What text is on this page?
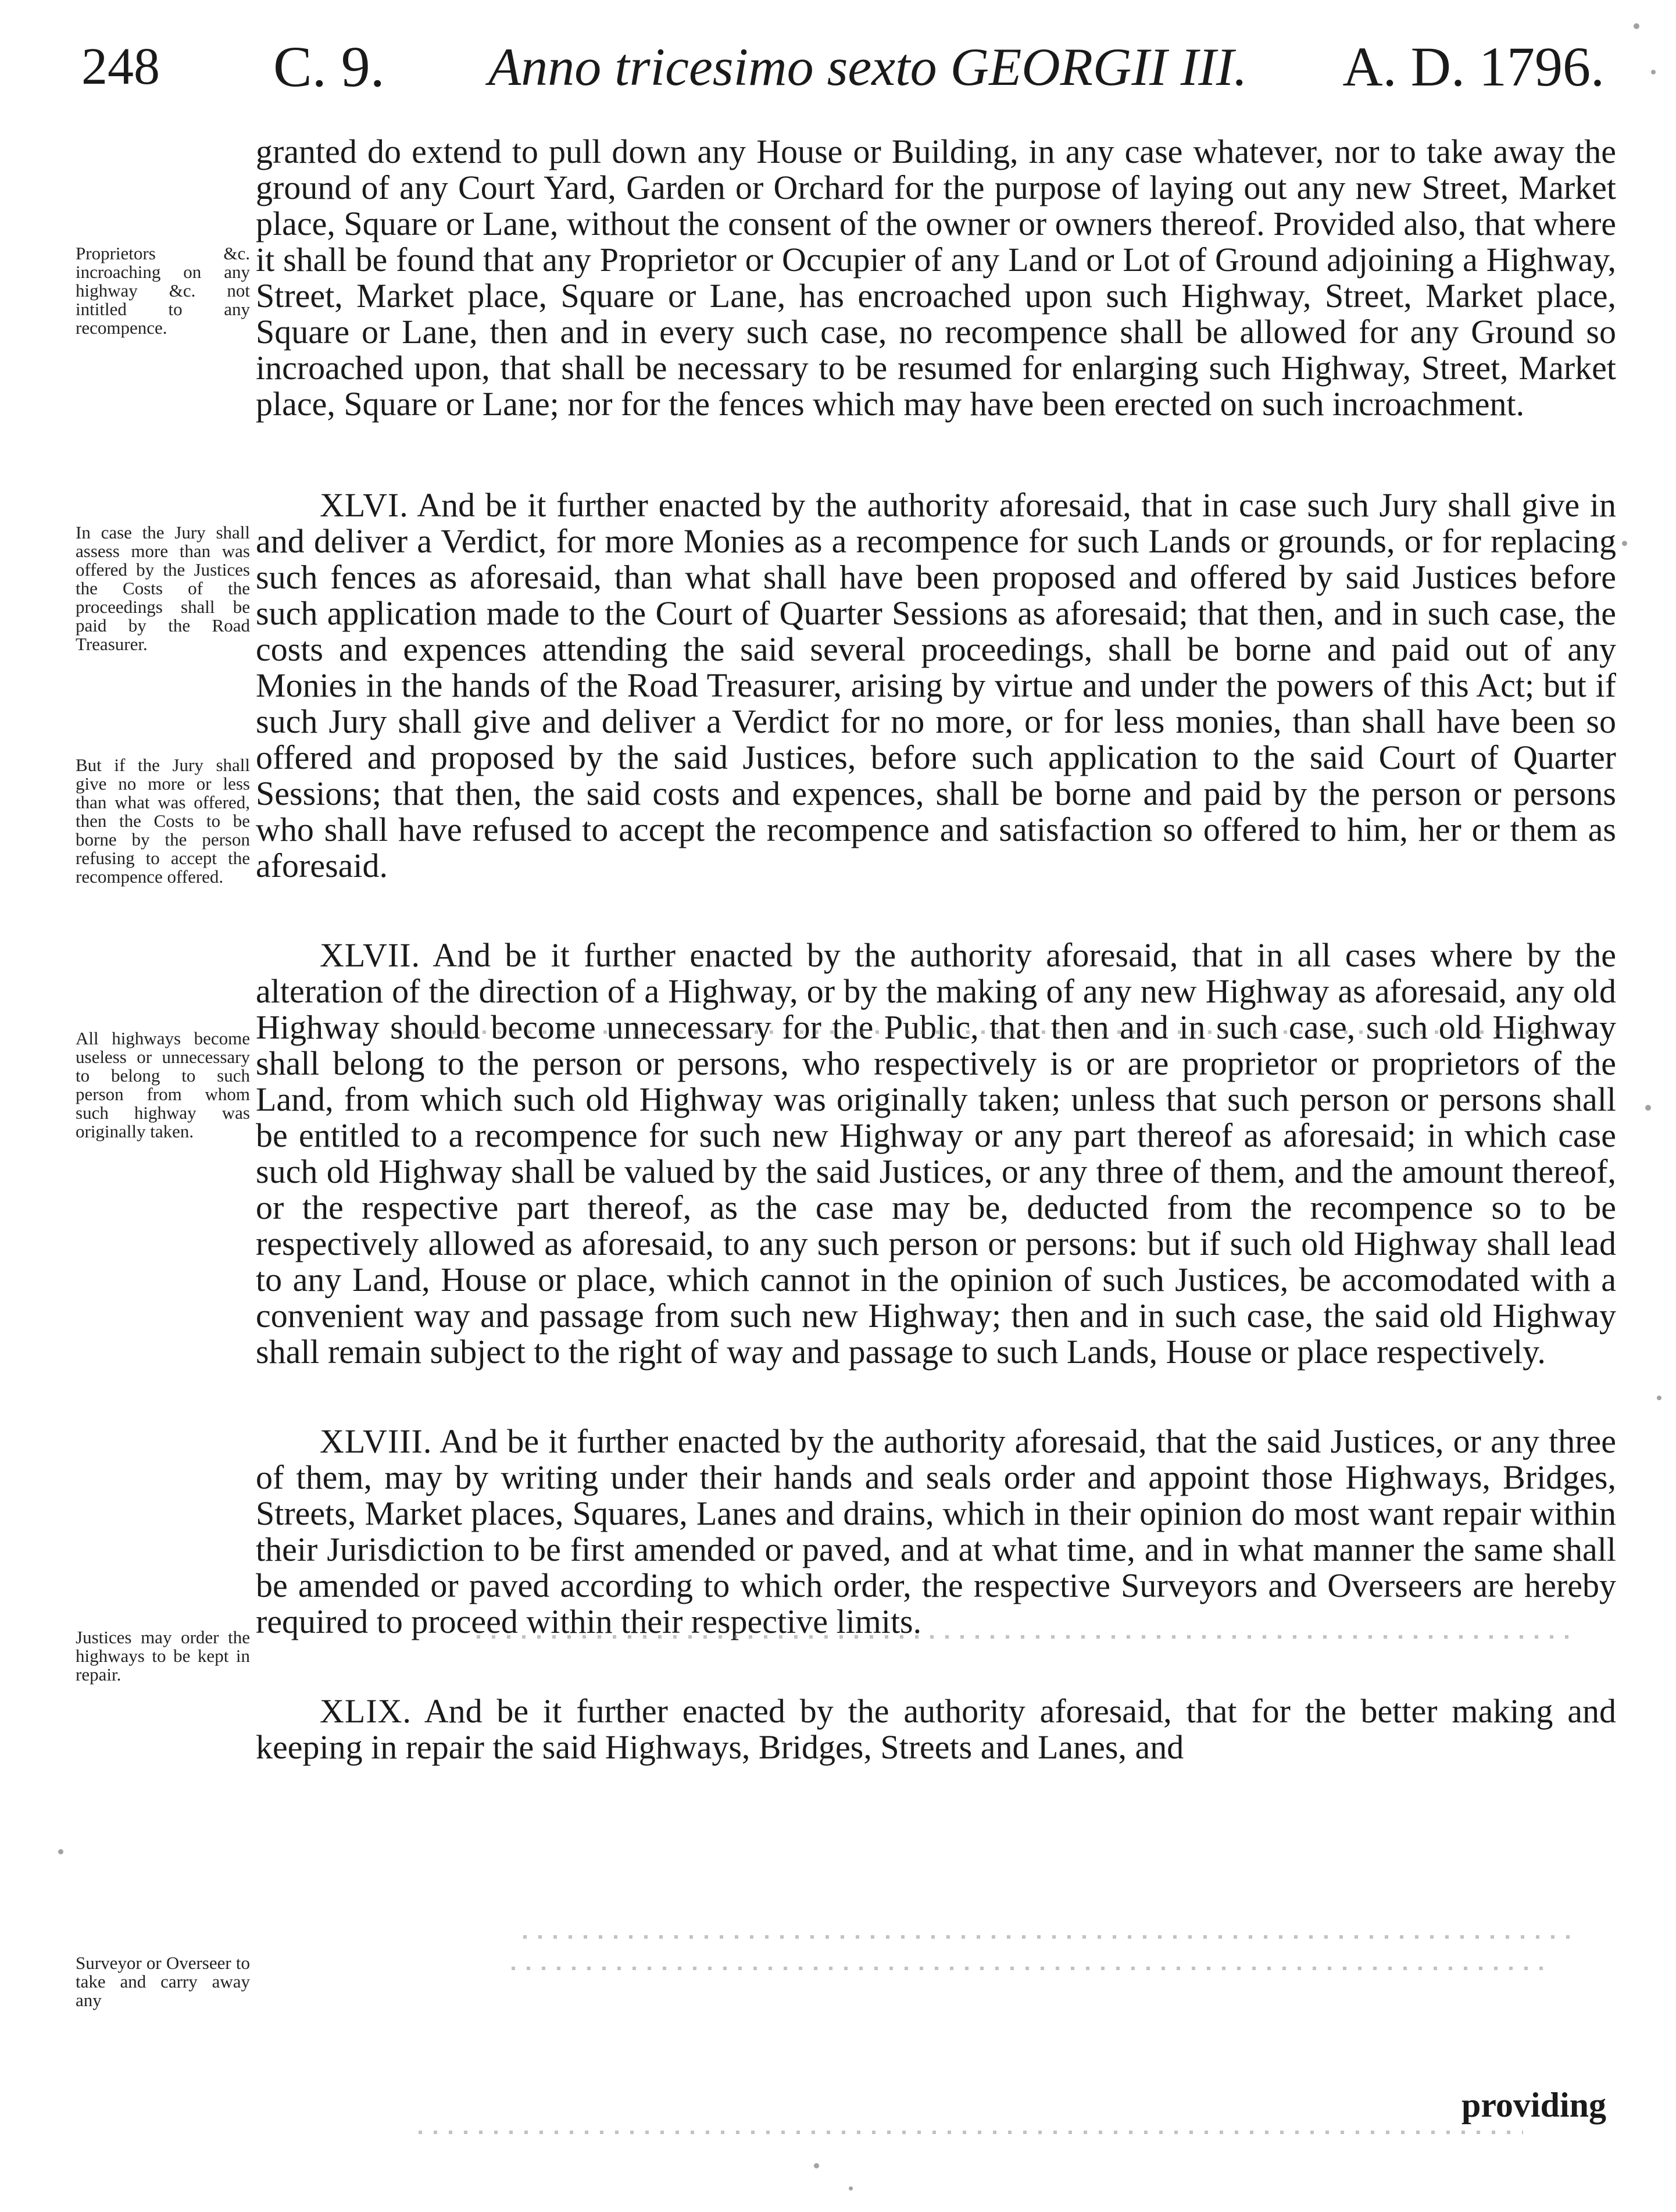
248 C. 9. Anno tricesimo sexto GEORGII III. A. D. 1796.
Proprietors &c. incroaching on any highway &c. not intitled to any recompence.
In case the Jury shall assess more than was offered by the Justices the Costs of the proceedings shall be paid by the Road Treasurer.
But if the Jury shall give no more or less than what was offered, then the Costs to be borne by the person refusing to accept the recompence offered.
All highways become useless or unnecessary to belong to such person from whom such highway was originally taken.
Justices may order the highways to be kept in repair.
Surveyor or Overseer to take and carry away any

granted do extend to pull down any House or Building, in any case whatever, nor to take away the ground of any Court Yard, Garden or Orchard for the purpose of laying out any new Street, Market place, Square or Lane, without the consent of the owner or owners thereof. Provided also, that where it shall be found that any Proprietor or Occupier of any Land or Lot of Ground adjoining a Highway, Street, Market place, Square or Lane, has encroached upon such Highway, Street, Market place, Square or Lane, then and in every such case, no recompence shall be allowed for any Ground so incroached upon, that shall be necessary to be resumed for enlarging such Highway, Street, Market place, Square or Lane; nor for the fences which may have been erected on such incroachment.

XLVI. And be it further enacted by the authority aforesaid, that in case such Jury shall give in and deliver a Verdict, for more Monies as a recompence for such Lands or grounds, or for replacing such fences as aforesaid, than what shall have been proposed and offered by said Justices before such application made to the Court of Quarter Sessions as aforesaid; that then, and in such case, the costs and expences attending the said several proceedings, shall be borne and paid out of any Monies in the hands of the Road Treasurer, arising by virtue and under the powers of this Act; but if such Jury shall give and deliver a Verdict for no more, or for less monies, than shall have been so offered and proposed by the said Justices, before such application to the said Court of Quarter Sessions; that then, the said costs and expences, shall be borne and paid by the person or persons who shall have refused to accept the recompence and satisfaction so offered to him, her or them as aforesaid.

XLVII. And be it further enacted by the authority aforesaid, that in all cases where by the alteration of the direction of a Highway, or by the making of any new Highway as aforesaid, any old Highway should become unnecessary for the Public, that then and in such case, such old Highway shall belong to the person or persons, who respectively is or are proprietor or proprietors of the Land, from which such old Highway was originally taken; unless that such person or persons shall be entitled to a recompence for such new Highway or any part thereof as aforesaid; in which case such old Highway shall be valued by the said Justices, or any three of them, and the amount thereof, or the respective part thereof, as the case may be, deducted from the recompence so to be respectively allowed as aforesaid, to any such person or persons: but if such old Highway shall lead to any Land, House or place, which cannot in the opinion of such Justices, be accomodated with a convenient way and passage from such new Highway; then and in such case, the said old Highway shall remain subject to the right of way and passage to such Lands, House or place respectively.

XLVIII. And be it further enacted by the authority aforesaid, that the said Justices, or any three of them, may by writing under their hands and seals order and appoint those Highways, Bridges, Streets, Market places, Squares, Lanes and drains, which in their opinion do most want repair within their Jurisdiction to be first amended or paved, and at what time, and in what manner the same shall be amended or paved according to which order, the respective Surveyors and Overseers are hereby required to proceed within their respective limits.

XLIX. And be it further enacted by the authority aforesaid, that for the better making and keeping in repair the said Highways, Bridges, Streets and Lanes, and

providing
